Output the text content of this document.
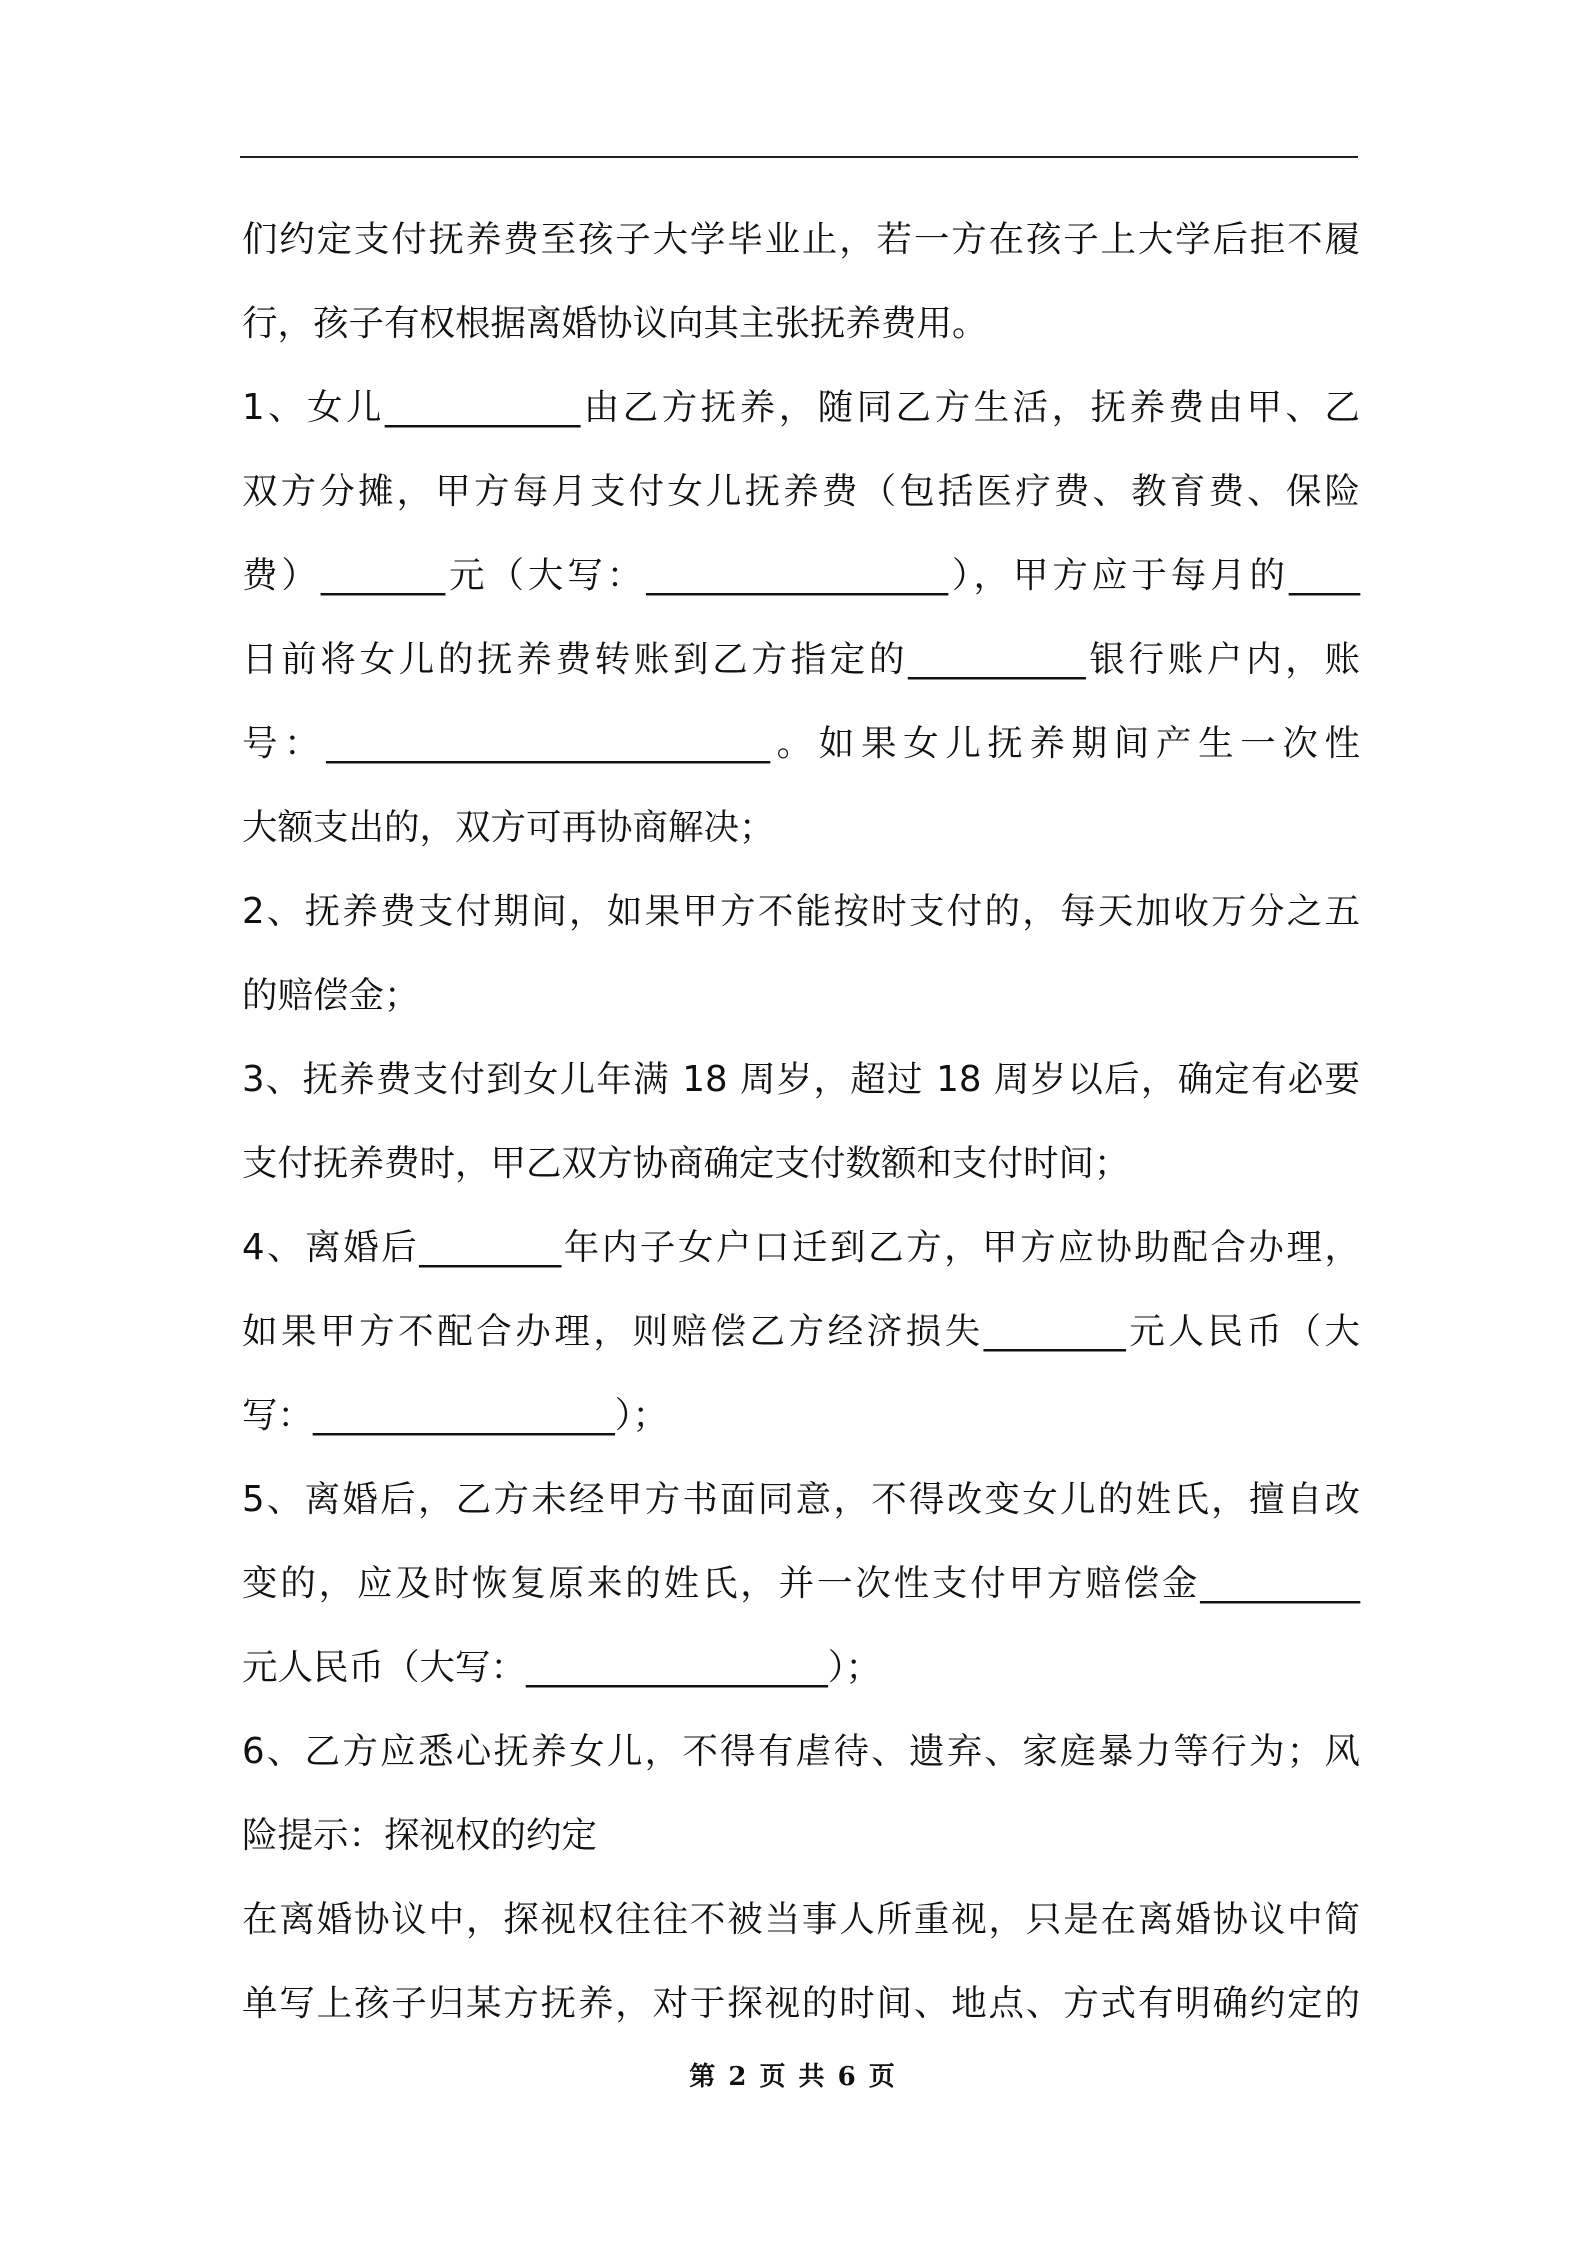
们约定支付抚养费至孩子大学毕业止，若一方在孩子上大学后拒不履
行，孩子有权根据离婚协议向其主张抚养费用。
1、女儿___________由乙方抚养，随同乙方生活，抚养费由甲、乙
双方分摊，甲方每月支付女儿抚养费（包括医疗费、教育费、保险
费）_______元（大写：_________________），甲方应于每月的____
日前将女儿的抚养费转账到乙方指定的__________银行账户内，账
号：_________________________。如果女儿抚养期间产生一次性
大额支出的，双方可再协商解决；
2、抚养费支付期间，如果甲方不能按时支付的，每天加收万分之五
的赔偿金；
3、抚养费支付到女儿年满 18 周岁，超过 18 周岁以后，确定有必要
支付抚养费时，甲乙双方协商确定支付数额和支付时间；
4、离婚后________年内子女户口迁到乙方，甲方应协助配合办理，
如果甲方不配合办理，则赔偿乙方经济损失________元人民币（大
写：_________________）；
5、离婚后，乙方未经甲方书面同意，不得改变女儿的姓氏，擅自改
变的，应及时恢复原来的姓氏，并一次性支付甲方赔偿金_________
元人民币（大写：_________________）；
6、乙方应悉心抚养女儿，不得有虐待、遗弃、家庭暴力等行为；风
险提示：探视权的约定
在离婚协议中，探视权往往不被当事人所重视，只是在离婚协议中简
单写上孩子归某方抚养，对于探视的时间、地点、方式有明确约定的
第 2 页 共 6 页
